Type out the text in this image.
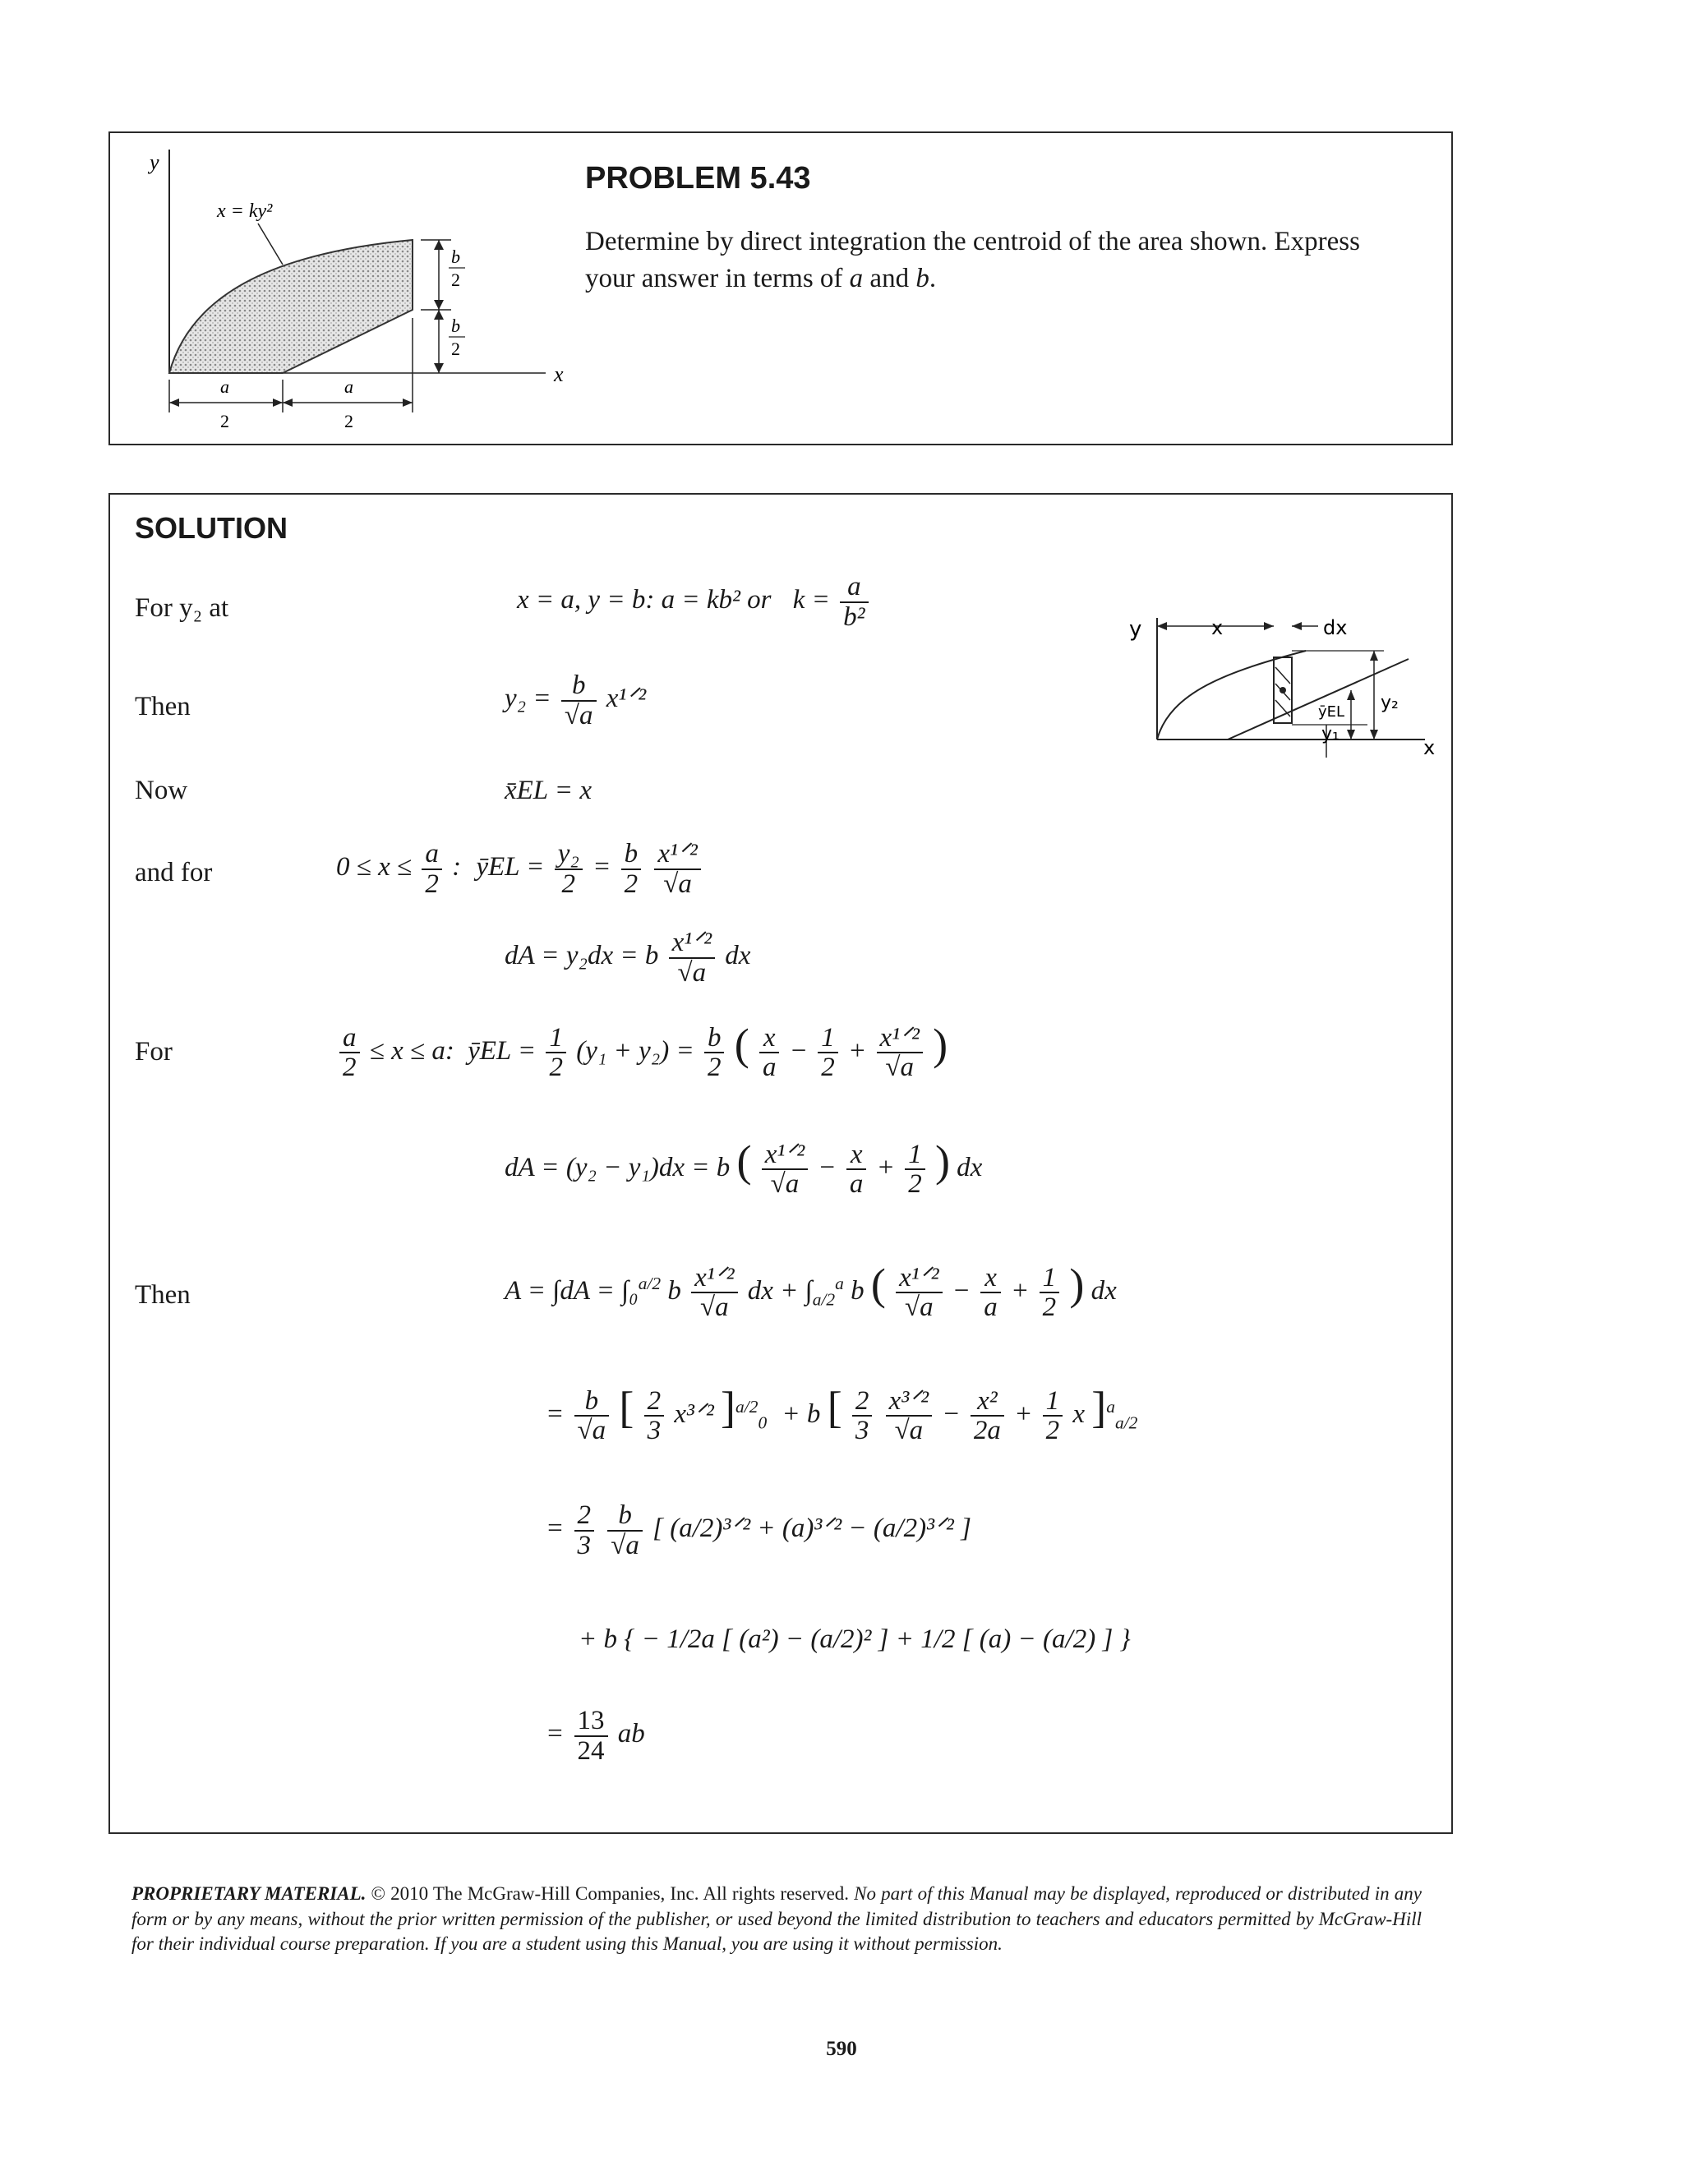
y
x
x = ky²
b
2
b
2
a
2
a
2
PROBLEM 5.43
Determine by direct integration the centroid of the area shown. Express
your answer in terms of a and b.
SOLUTION
For y₂ at
Then
Now
and for
For
Then
y	x	dx
y₂
ȳEL
y₁
x
x = a, y = b: a = kb² or $k = \frac{a}{\text{b²}}$
$y_2 = \frac{b}{√a}$ x¹ᐟ²
x̄EL = x
$0 \le x \le \frac{a}{2}$ : ȳEL = $\frac{\text{y₂}}{2} = \frac{b}{2}$
$\frac{\text{x¹ᐟ²}}{√a}$
dA = y₂dx = b $\frac{\text{x¹ᐟ²}}{√a}$ dx
$\frac{a}{2} \le x \le a$: ȳEL = $\frac{1}{2} (y_1 + y_2) = \frac{b}{2}$ ( $\frac{x}{a} - \frac{1}{2} + \frac{\text{x¹ᐟ²}}{√a}$ )
dA = (y₂ − y₁)dx = b ( $\frac{\text{x¹ᐟ²}}{√a} - \frac{x}{a} + \frac{1}{2}$ ) dx
A = ∫dA = ∫₀$^{a/2}$ b $\frac{\text{x¹ᐟ²}}{√a}$ dx + $\int_{a/2}^a$ b ( $\frac{\text{x¹ᐟ²}}{√a} - \frac{x}{a} + \frac{1}{2}$ ) dx
= $\frac{b}{√a}$ [ $\frac{2}{3}$ x³ᐟ² ]$^{a/2}_0$ + b [ $\frac{2}{3}$
$\frac{\text{x³ᐟ²}}{√a} - \frac{\text{x²}}{2a} + \frac{1}{2}$ x ]$^a_{a/2}$
= $\frac{2}{3}$
$\frac{b}{√a}$ [ (a/2)³ᐟ² + (a)³ᐟ² − (a/2)³ᐟ² ]
+ b { − 1/2a [ (a²) − (a/2)² ] + 1/2 [ (a) − (a/2) ] }
= $\frac{13}{24}$ ab
PROPRIETARY MATERIAL. © 2010 The McGraw-Hill Companies, Inc. All rights reserved. No part of this Manual may be displayed, reproduced or distributed in any form or by any means, without the prior written permission of the publisher, or used beyond the limited distribution to teachers and educators permitted by McGraw-Hill for their individual course preparation. If you are a student using this Manual, you are using it without permission.
590
